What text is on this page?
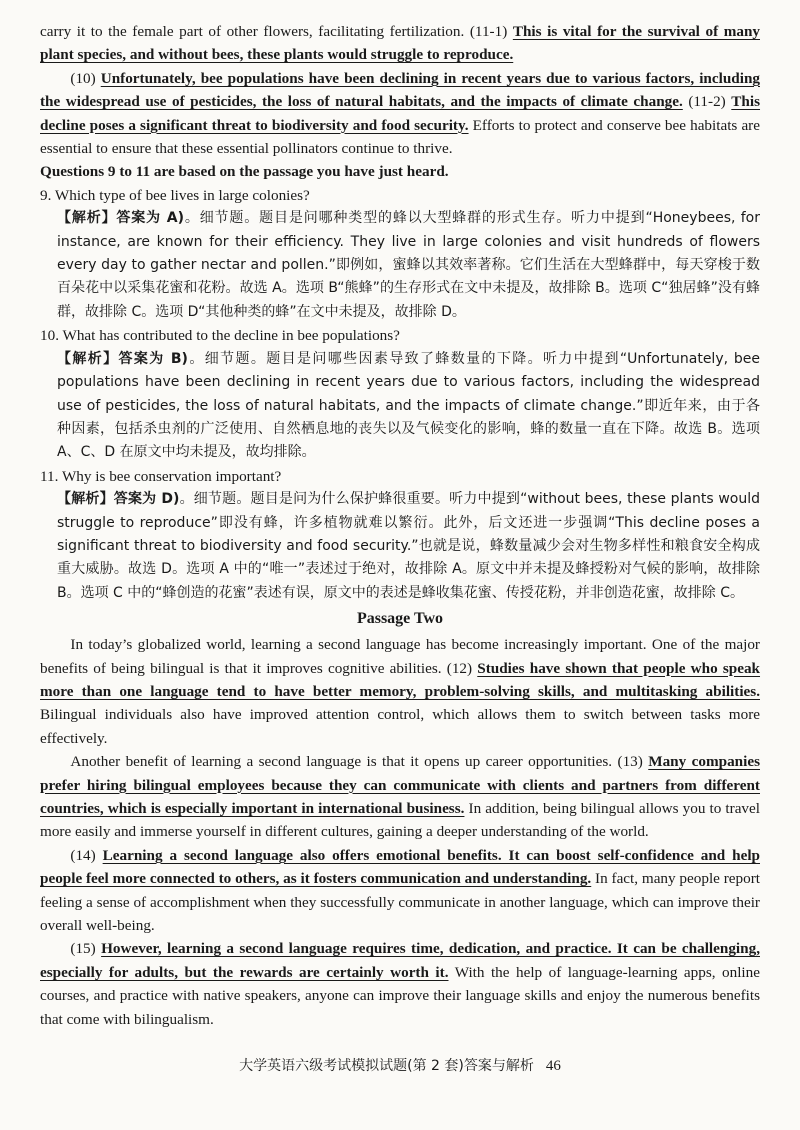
carry it to the female part of other flowers, facilitating fertilization. (11-1) This is vital for the survival of many plant species, and without bees, these plants would struggle to reproduce.

(10) Unfortunately, bee populations have been declining in recent years due to various factors, including the widespread use of pesticides, the loss of natural habitats, and the impacts of climate change. (11-2) This decline poses a significant threat to biodiversity and food security. Efforts to protect and conserve bee habitats are essential to ensure that these essential pollinators continue to thrive.

Questions 9 to 11 are based on the passage you have just heard.

9. Which type of bee lives in large colonies?

【解析】答案为 A)。细节题。题目是问哪种类型的蜂以大型蜂群的形式生存。听力中提到“Honeybees, for instance, are known for their efficiency. They live in large colonies and visit hundreds of flowers every day to gather nectar and pollen.”即例如，蜜蜂以其效率著称。它们生活在大型蜂群中，每天穿梭于数百朵花中以采集花蜜和花粉。故选 A。选项 B“熊蜂”的生存形式在文中未提及，故排除 B。选项 C“独居蜂”没有蜂群，故排除 C。选项 D“其他种类的蜂”在文中未提及，故排除 D。

10. What has contributed to the decline in bee populations?

【解析】答案为 B)。细节题。题目是问哪些因素导致了蜂数量的下降。听力中提到“Unfortunately, bee populations have been declining in recent years due to various factors, including the widespread use of pesticides, the loss of natural habitats, and the impacts of climate change.”即近年来，由于各种因素，包括杀虫剂的广泛使用、自然栖息地的丧失以及气候变化的影响，蜂的数量一直在下降。故选 B。选项 A、C、D 在原文中均未提及，故均排除。

11. Why is bee conservation important?

【解析】答案为 D)。细节题。题目是问为什么保护蜂很重要。听力中提到“without bees, these plants would struggle to reproduce”即没有蜂，许多植物就难以繁衍。此外，后文还进一步强调“This decline poses a significant threat to biodiversity and food security.”也就是说，蜂数量减少会对生物多样性和粮食安全构成重大威胁。故选 D。选项 A 中的“唯一”表述过于绝对，故排除 A。原文中并未提及蜂授粉对气候的影响，故排除 B。选项 C 中的“蜂创造的花蜜”表述有误，原文中的表述是蜂收集花蜜、传授花粉，并非创造花蜜，故排除 C。

Passage Two

In today’s globalized world, learning a second language has become increasingly important. One of the major benefits of being bilingual is that it improves cognitive abilities. (12) Studies have shown that people who speak more than one language tend to have better memory, problem-solving skills, and multitasking abilities. Bilingual individuals also have improved attention control, which allows them to switch between tasks more effectively.

Another benefit of learning a second language is that it opens up career opportunities. (13) Many companies prefer hiring bilingual employees because they can communicate with clients and partners from different countries, which is especially important in international business. In addition, being bilingual allows you to travel more easily and immerse yourself in different cultures, gaining a deeper understanding of the world.

(14) Learning a second language also offers emotional benefits. It can boost self-confidence and help people feel more connected to others, as it fosters communication and understanding. In fact, many people report feeling a sense of accomplishment when they successfully communicate in another language, which can improve their overall well-being.

(15) However, learning a second language requires time, dedication, and practice. It can be challenging, especially for adults, but the rewards are certainly worth it. With the help of language-learning apps, online courses, and practice with native speakers, anyone can improve their language skills and enjoy the numerous benefits that come with bilingualism.

大学英语六级考试模拟试题(第 2 套)答案与解析 46
